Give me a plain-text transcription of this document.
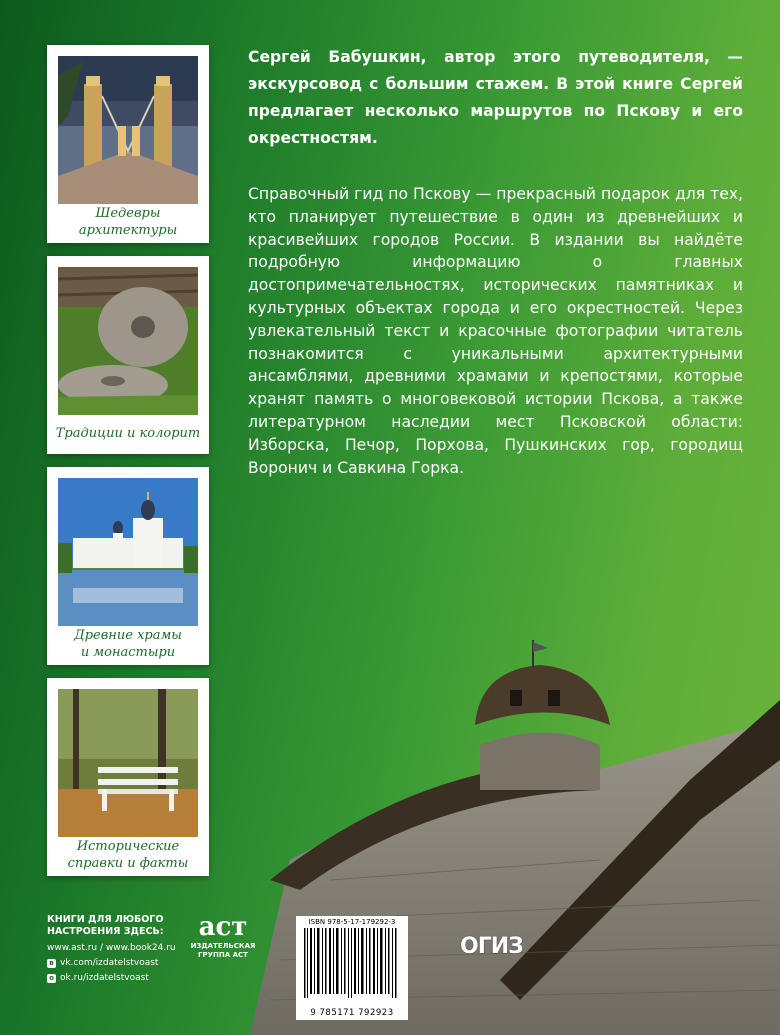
Шедевры
архитектуры
Традиции и колорит
Древние храмы
и монастыри
Исторические
справки и факты

Сергей Бабушкин, автор этого путеводителя, — экскурсовод с большим стажем. В этой книге Сергей предлагает несколько маршрутов по Пскову и его окрестностям.

Справочный гид по Пскову — прекрасный подарок для тех, кто планирует путешествие в один из древнейших и красивейших городов России. В издании вы найдёте подробную информацию о главных достопримечательностях, исторических памятниках и культурных объектах города и его окрестностей. Через увлекательный текст и красочные фотографии читатель познакомится с уникальными архитектурными ансамблями, древними храмами и крепостями, которые хранят память о многовековой истории Пскова, а также литературном наследии мест Псковской области: Изборска, Печор, Порхова, Пушкинских гор, городищ Воронич и Савкина Горка.

КНИГИ ДЛЯ ЛЮБОГО
НАСТРОЕНИЯ ЗДЕСЬ:
www.ast.ru / www.book24.ru
в vk.com/izdatelstvoast
о ok.ru/izdatelstvoast
аст
ИЗДАТЕЛЬСКАЯ
ГРУППА АСТ
ISBN 978-5-17-179292-3
9 785171 792923
ОГИЗ
